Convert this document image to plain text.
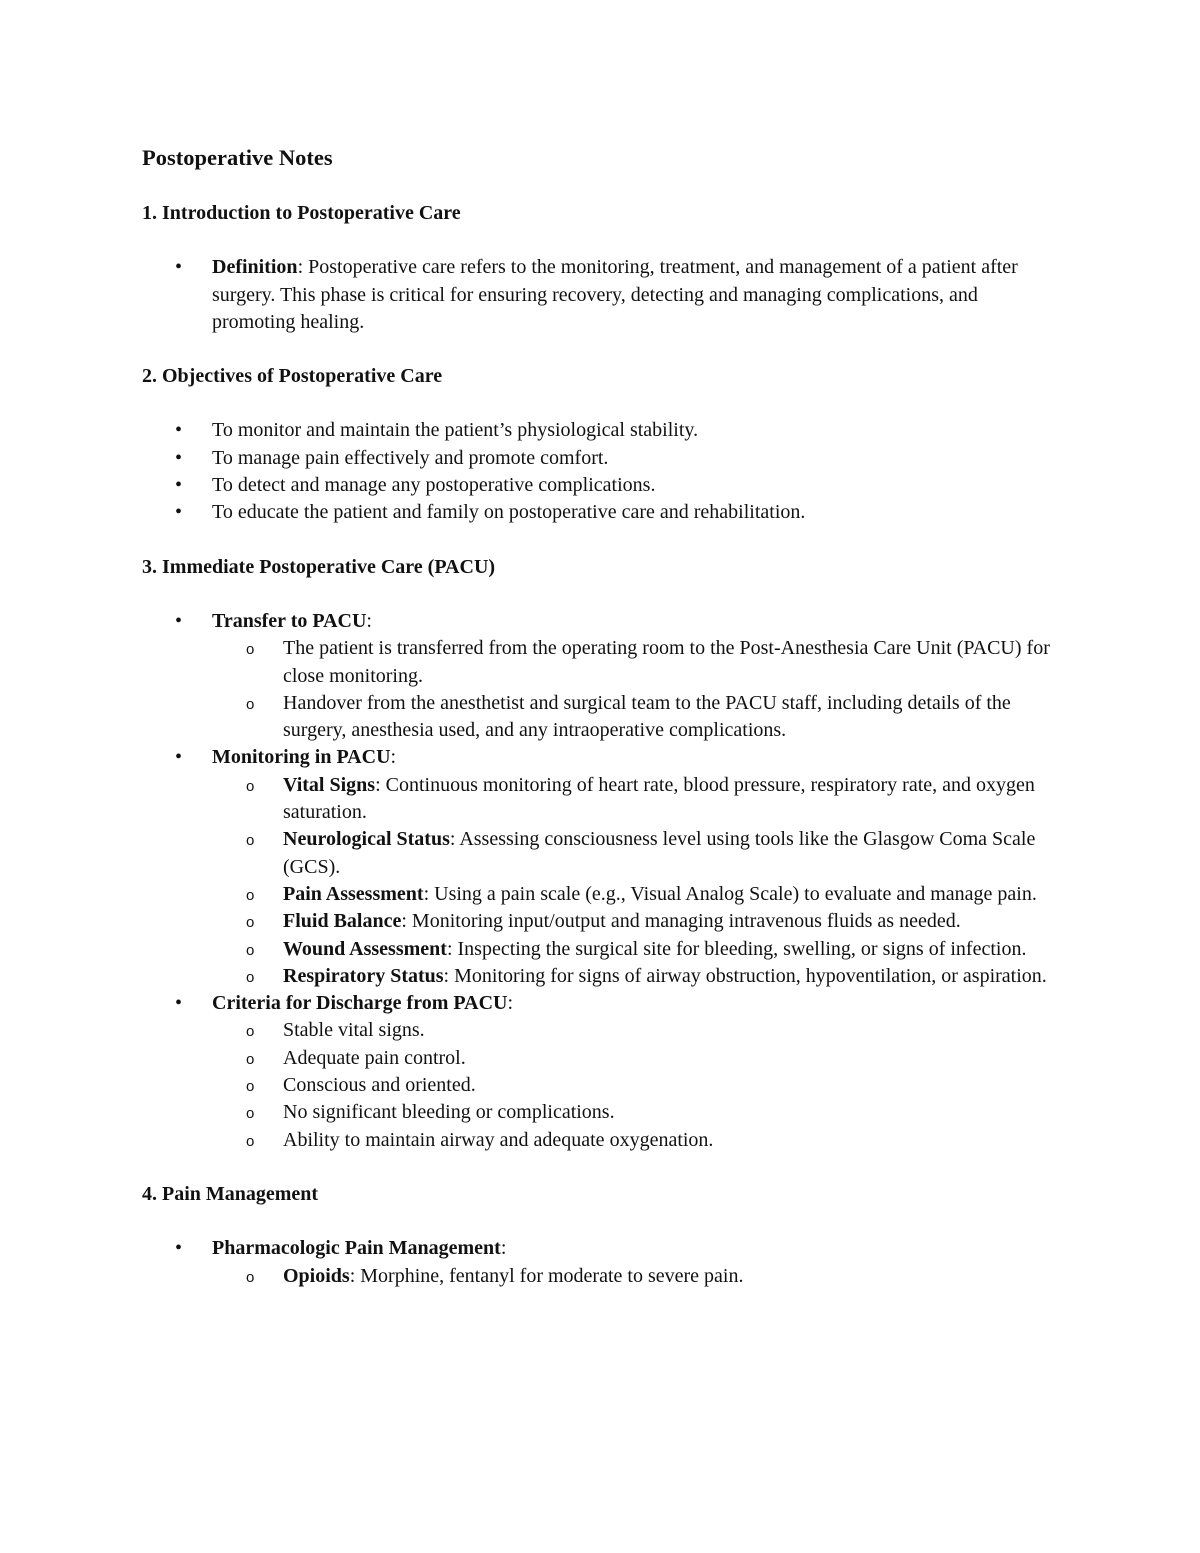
Postoperative Notes
1. Introduction to Postoperative Care
• Definition: Postoperative care refers to the monitoring, treatment, and management of a patient after surgery. This phase is critical for ensuring recovery, detecting and managing complications, and promoting healing.
2. Objectives of Postoperative Care
• To monitor and maintain the patient’s physiological stability.
• To manage pain effectively and promote comfort.
• To detect and manage any postoperative complications.
• To educate the patient and family on postoperative care and rehabilitation.
3. Immediate Postoperative Care (PACU)
• Transfer to PACU:
o The patient is transferred from the operating room to the Post-Anesthesia Care Unit (PACU) for close monitoring.
o Handover from the anesthetist and surgical team to the PACU staff, including details of the surgery, anesthesia used, and any intraoperative complications.
• Monitoring in PACU:
o Vital Signs: Continuous monitoring of heart rate, blood pressure, respiratory rate, and oxygen saturation.
o Neurological Status: Assessing consciousness level using tools like the Glasgow Coma Scale (GCS).
o Pain Assessment: Using a pain scale (e.g., Visual Analog Scale) to evaluate and manage pain.
o Fluid Balance: Monitoring input/output and managing intravenous fluids as needed.
o Wound Assessment: Inspecting the surgical site for bleeding, swelling, or signs of infection.
o Respiratory Status: Monitoring for signs of airway obstruction, hypoventilation, or aspiration.
• Criteria for Discharge from PACU:
o Stable vital signs.
o Adequate pain control.
o Conscious and oriented.
o No significant bleeding or complications.
o Ability to maintain airway and adequate oxygenation.
4. Pain Management
• Pharmacologic Pain Management:
o Opioids: Morphine, fentanyl for moderate to severe pain.
